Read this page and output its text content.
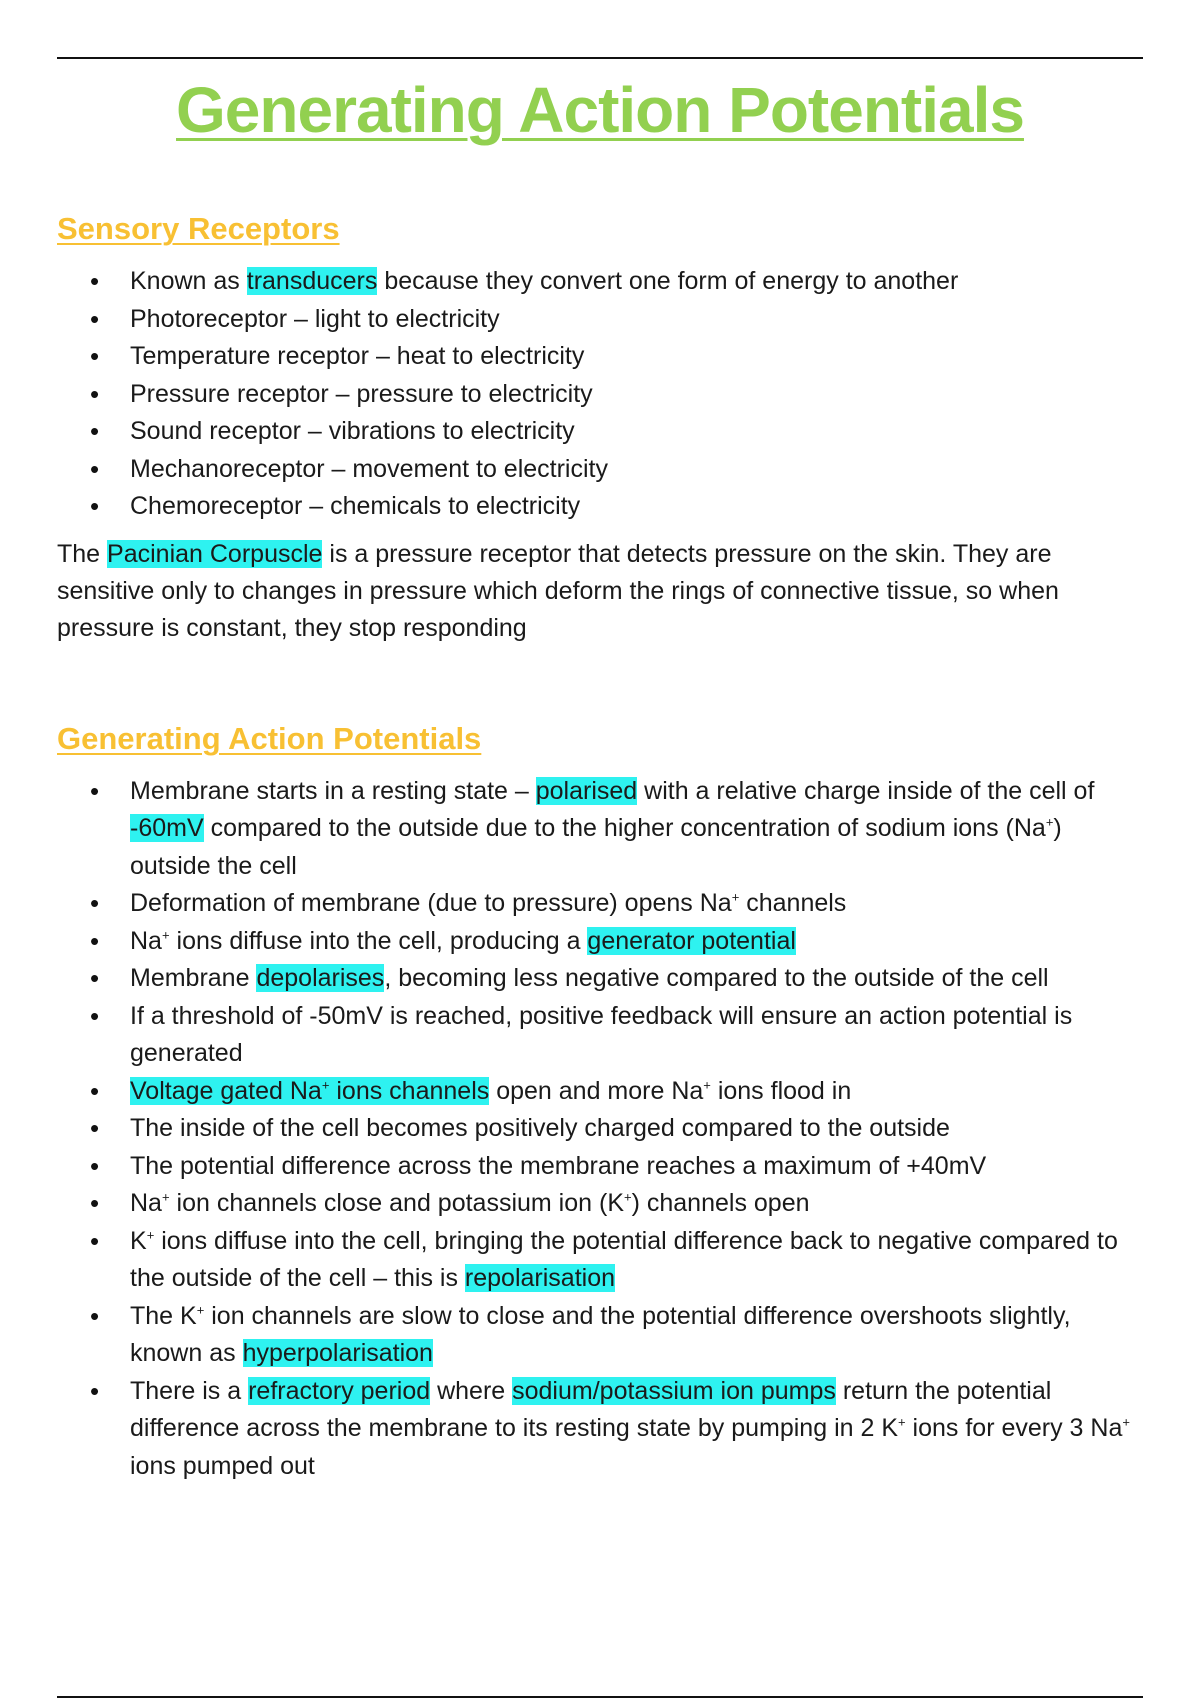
Generating Action Potentials
Sensory Receptors
• Known as transducers because they convert one form of energy to another
• Photoreceptor – light to electricity
• Temperature receptor – heat to electricity
• Pressure receptor – pressure to electricity
• Sound receptor – vibrations to electricity
• Mechanoreceptor – movement to electricity
• Chemoreceptor – chemicals to electricity

The Pacinian Corpuscle is a pressure receptor that detects pressure on the skin. They are sensitive only to changes in pressure which deform the rings of connective tissue, so when pressure is constant, they stop responding

Generating Action Potentials
• Membrane starts in a resting state – polarised with a relative charge inside of the cell of -60mV compared to the outside due to the higher concentration of sodium ions (Na+) outside the cell
• Deformation of membrane (due to pressure) opens Na+ channels
• Na+ ions diffuse into the cell, producing a generator potential
• Membrane depolarises, becoming less negative compared to the outside of the cell
• If a threshold of -50mV is reached, positive feedback will ensure an action potential is generated
• Voltage gated Na+ ions channels open and more Na+ ions flood in
• The inside of the cell becomes positively charged compared to the outside
• The potential difference across the membrane reaches a maximum of +40mV
• Na+ ion channels close and potassium ion (K+) channels open
• K+ ions diffuse into the cell, bringing the potential difference back to negative compared to the outside of the cell – this is repolarisation
• The K+ ion channels are slow to close and the potential difference overshoots slightly, known as hyperpolarisation
• There is a refractory period where sodium/potassium ion pumps return the potential difference across the membrane to its resting state by pumping in 2 K+ ions for every 3 Na+ ions pumped out
